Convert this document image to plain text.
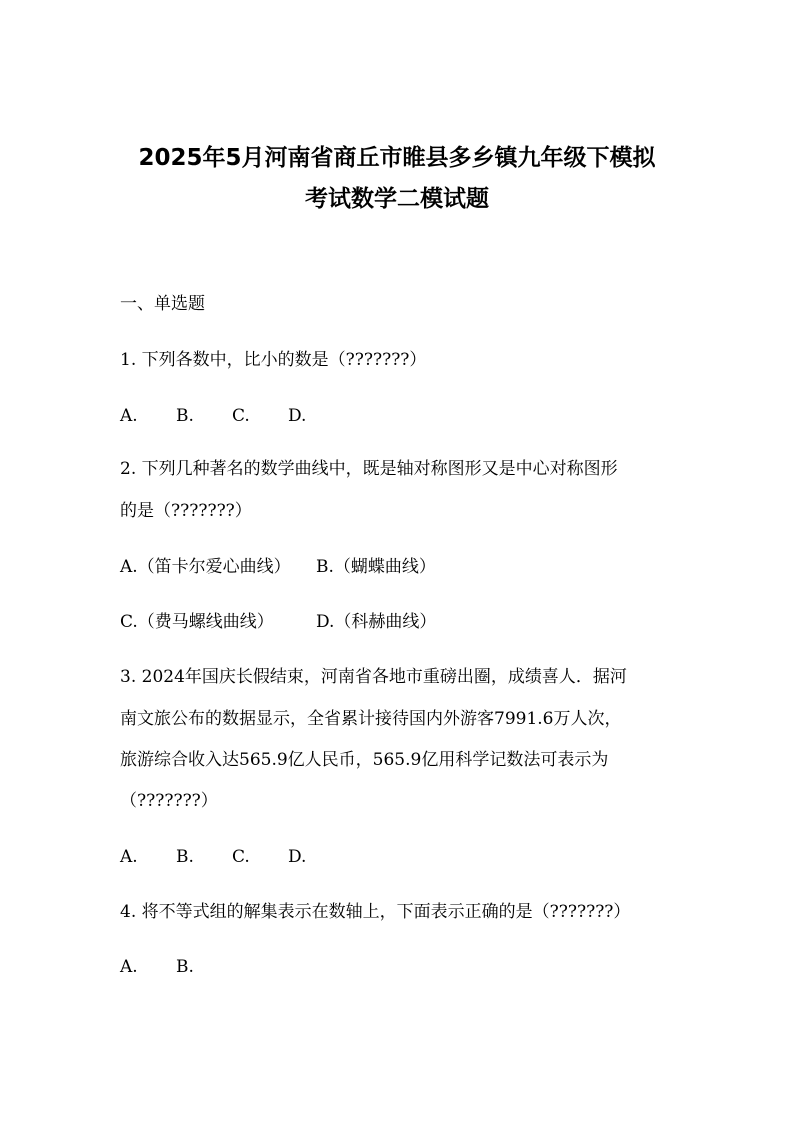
2025年5月河南省商丘市睢县多乡镇九年级下模拟
考试数学二模试题
一、单选题
1. 下列各数中，比小的数是（???????）
A. B. C. D.
2. 下列几种著名的数学曲线中，既是轴对称图形又是中心对称图形
的是（???????）
A.（笛卡尔爱心曲线） B.（蝴蝶曲线）
C.（费马螺线曲线） D.（科赫曲线）
3. 2024年国庆长假结束，河南省各地市重磅出圈，成绩喜人．据河
南文旅公布的数据显示，全省累计接待国内外游客7991.6万人次，
旅游综合收入达565.9亿人民币，565.9亿用科学记数法可表示为
（???????）
A. B. C. D.
4. 将不等式组的解集表示在数轴上，下面表示正确的是（???????）
A. B.
